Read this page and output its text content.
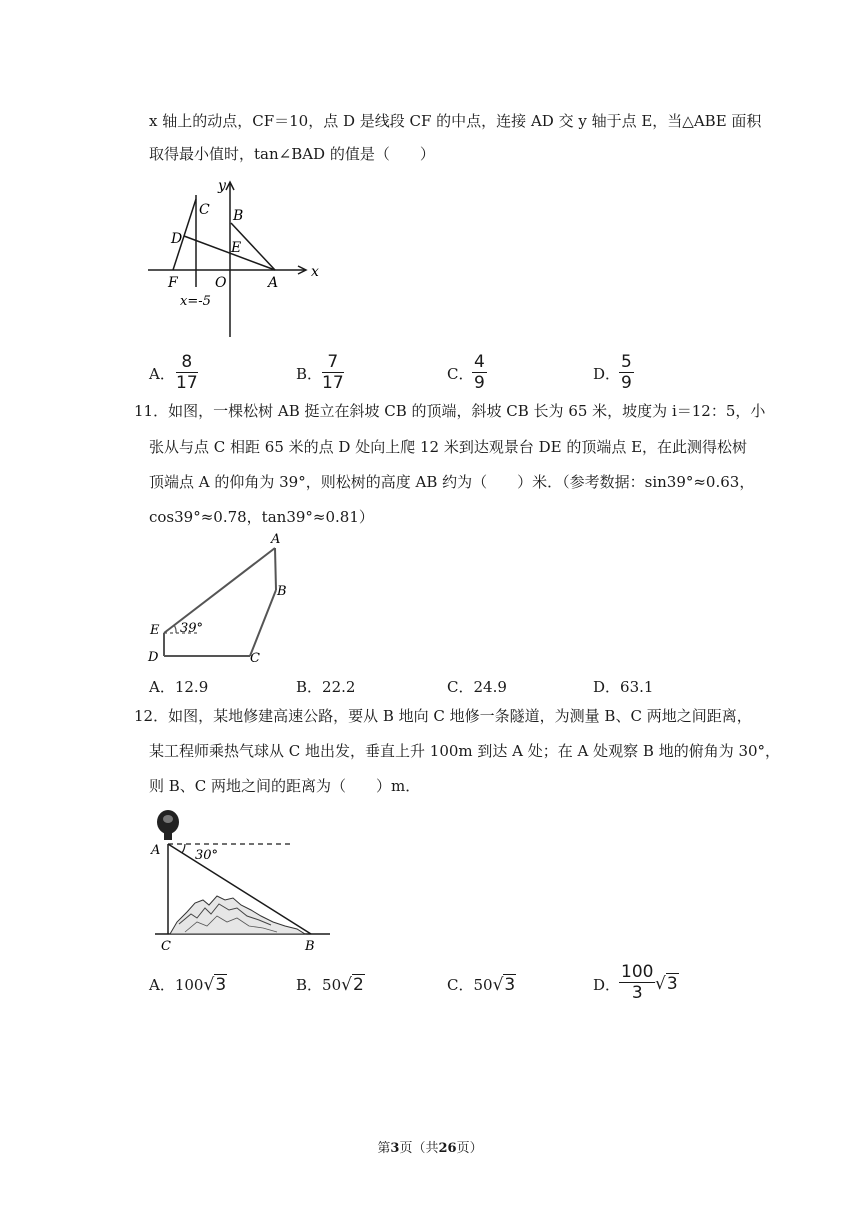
x 轴上的动点，CF＝10，点 D 是线段 CF 的中点，连接 AD 交 y 轴于点 E，当△ABE 面积
取得最小值时，tan∠BAD 的值是（　　）
y
x
C B
D
E
F	O	A
x=-5
A． $\frac{8}{17}$	B． $\frac{7}{17}$	C．
$\frac{4}{9}$	D．
$\frac{5}{9}$
11．如图，一棵松树 AB 挺立在斜坡 CB 的顶端，斜坡 CB 长为 65 米，坡度为 i＝12：5，小
张从与点 C 相距 65 米的点 D 处向上爬 12 米到达观景台 DE 的顶端点 E，在此测得松树
顶端点 A 的仰角为 39°，则松树的高度 AB 约为（　　）米．（参考数据：sin39°≈0.63，
cos39°≈0.78，tan39°≈0.81）
A
B
E
D	C
39°
A．12.9	B．22.2	C．24.9	D．63.1
12．如图，某地修建高速公路，要从 B 地向 C 地修一条隧道，为测量 B、C 两地之间距离，
某工程师乘热气球从 C 地出发，垂直上升 100m 到达 A 处；在 A 处观察 B 地的俯角为 30°，
则 B、C 两地之间的距离为（　　）m．
A
C	B
30°
A．100√3	B．50√2	C．50√3	D．
$\frac{100}{3} √3$
第3页（共26页）
